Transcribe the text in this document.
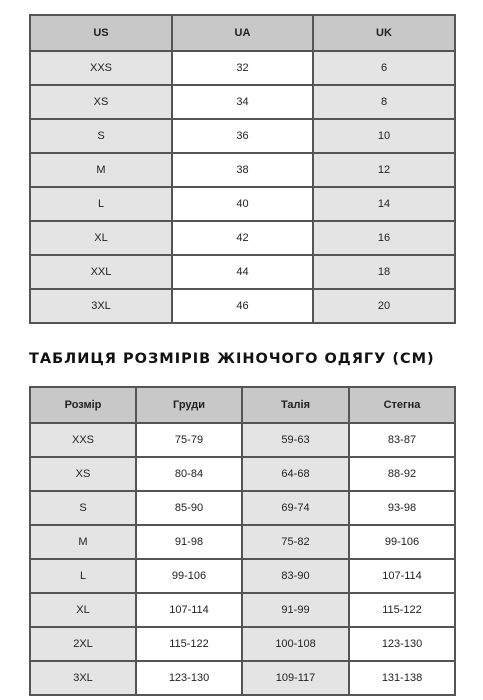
US	UA	UK
XXS	32	6
XS	34	8
S	36	10
M	38	12
L	40	14
XL	42	16
XXL	44	18
3XL	46	20
ТАБЛИЦЯ РОЗМІРІВ ЖІНОЧОГО ОДЯГУ (СМ)
Розмір	Груди	Талія	Стегна
XXS	75-79	59-63	83-87
XS	80-84	64-68	88-92
S	85-90	69-74	93-98
M	91-98	75-82	99-106
L	99-106	83-90	107-114
XL	107-114	91-99	115-122
2XL	115-122	100-108	123-130
3XL	123-130	109-117	131-138
